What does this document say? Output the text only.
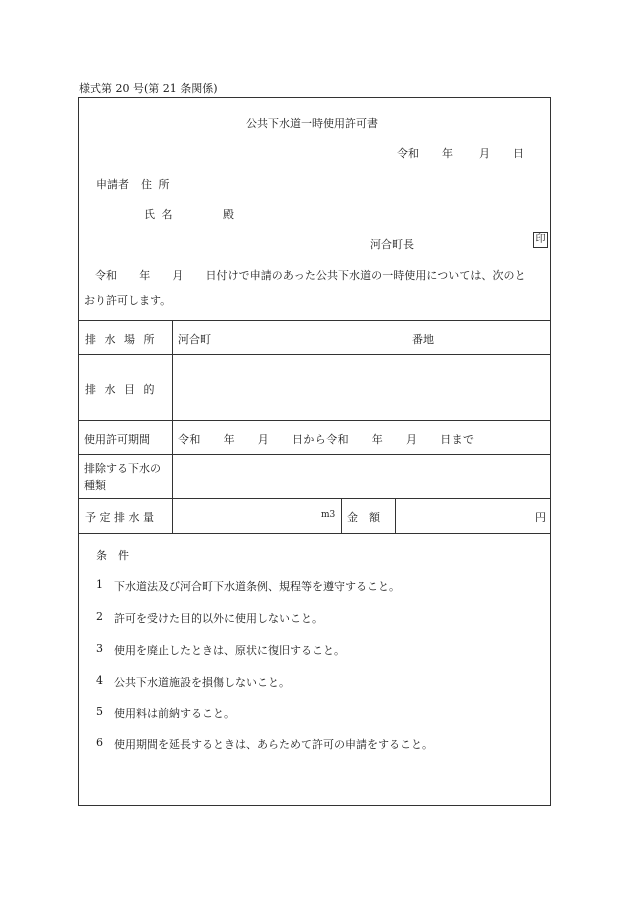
様式第 20 号(第 21 条関係)
公共下水道一時使用許可書
令和 年 月 日
申請者 住 所
氏 名	殿
河合町長	印
令和　　年　　月　　日付けで申請のあった公共下水道の一時使用については、次のと
おり許可します。
排 水 場 所 河合町	番地
排 水 目 的
使用許可期間	令和　　年　　月　　日から令和　　年　　月　　日まで
排除する下水の
種類
予 定 排 水 量	m3 金　額	円
条　件
1 下水道法及び河合町下水道条例、規程等を遵守すること。
2 許可を受けた目的以外に使用しないこと。
3 使用を廃止したときは、原状に復旧すること。
4 公共下水道施設を損傷しないこと。
5 使用料は前納すること。
6 使用期間を延長するときは、あらためて許可の申請をすること。
